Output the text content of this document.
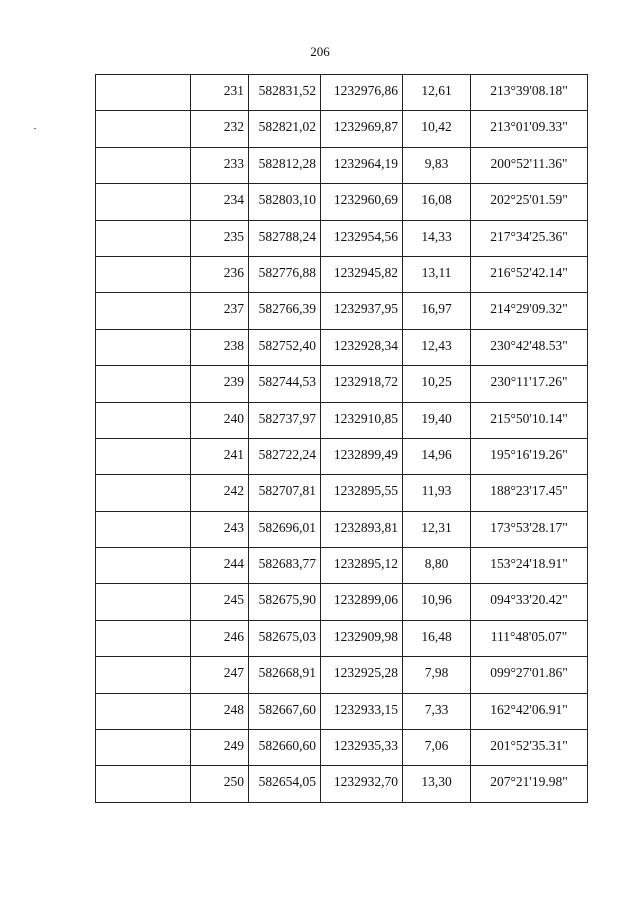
206
	231	582831,52	1232976,86	12,61	213°39'08.18"
	232	582821,02	1232969,87	10,42	213°01'09.33"
	233	582812,28	1232964,19	9,83	200°52'11.36"
	234	582803,10	1232960,69	16,08	202°25'01.59"
	235	582788,24	1232954,56	14,33	217°34'25.36"
	236	582776,88	1232945,82	13,11	216°52'42.14"
	237	582766,39	1232937,95	16,97	214°29'09.32"
	238	582752,40	1232928,34	12,43	230°42'48.53"
	239	582744,53	1232918,72	10,25	230°11'17.26"
	240	582737,97	1232910,85	19,40	215°50'10.14"
	241	582722,24	1232899,49	14,96	195°16'19.26"
	242	582707,81	1232895,55	11,93	188°23'17.45"
	243	582696,01	1232893,81	12,31	173°53'28.17"
	244	582683,77	1232895,12	8,80	153°24'18.91"
	245	582675,90	1232899,06	10,96	094°33'20.42"
	246	582675,03	1232909,98	16,48	111°48'05.07"
	247	582668,91	1232925,28	7,98	099°27'01.86"
	248	582667,60	1232933,15	7,33	162°42'06.91"
	249	582660,60	1232935,33	7,06	201°52'35.31"
	250	582654,05	1232932,70	13,30	207°21'19.98"
